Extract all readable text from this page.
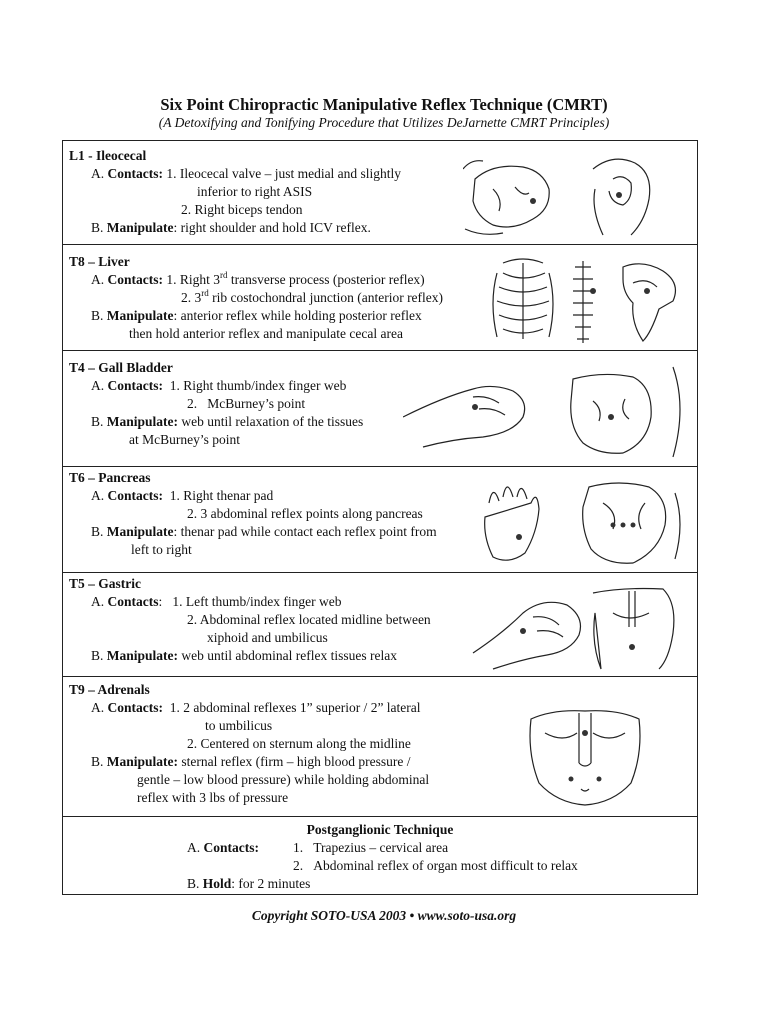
Six Point Chiropractic Manipulative Reflex Technique (CMRT)
(A Detoxifying and Tonifying Procedure that Utilizes DeJarnette CMRT Principles)
L1 - Ileocecal
A. Contacts: 1. Ileocecal valve – just medial and slightly
inferior to right ASIS
2. Right biceps tendon
B. Manipulate: right shoulder and hold ICV reflex.
T8 – Liver
A. Contacts: 1. Right 3rd transverse process (posterior reflex)
2. 3rd rib costochondral junction (anterior reflex)
B. Manipulate: anterior reflex while holding posterior reflex
then hold anterior reflex and manipulate cecal area
T4 – Gall Bladder
A. Contacts: 1. Right thumb/index finger web
2. McBurney’s point
B. Manipulate: web until relaxation of the tissues
at McBurney’s point
T6 – Pancreas
A. Contacts: 1. Right thenar pad
2. 3 abdominal reflex points along pancreas
B. Manipulate: thenar pad while contact each reflex point from
left to right
T5 – Gastric
A. Contacts: 1. Left thumb/index finger web
2. Abdominal reflex located midline between
xiphoid and umbilicus
B. Manipulate: web until abdominal reflex tissues relax
T9 – Adrenals
A. Contacts: 1. 2 abdominal reflexes 1” superior / 2” lateral
to umbilicus
2. Centered on sternum along the midline
B. Manipulate: sternal reflex (firm – high blood pressure /
gentle – low blood pressure) while holding abdominal
reflex with 3 lbs of pressure
Postganglionic Technique
A. Contacts:	1. Trapezius – cervical area
2. Abdominal reflex of organ most difficult to relax
B. Hold: for 2 minutes
Copyright SOTO-USA 2003 • www.soto-usa.org
